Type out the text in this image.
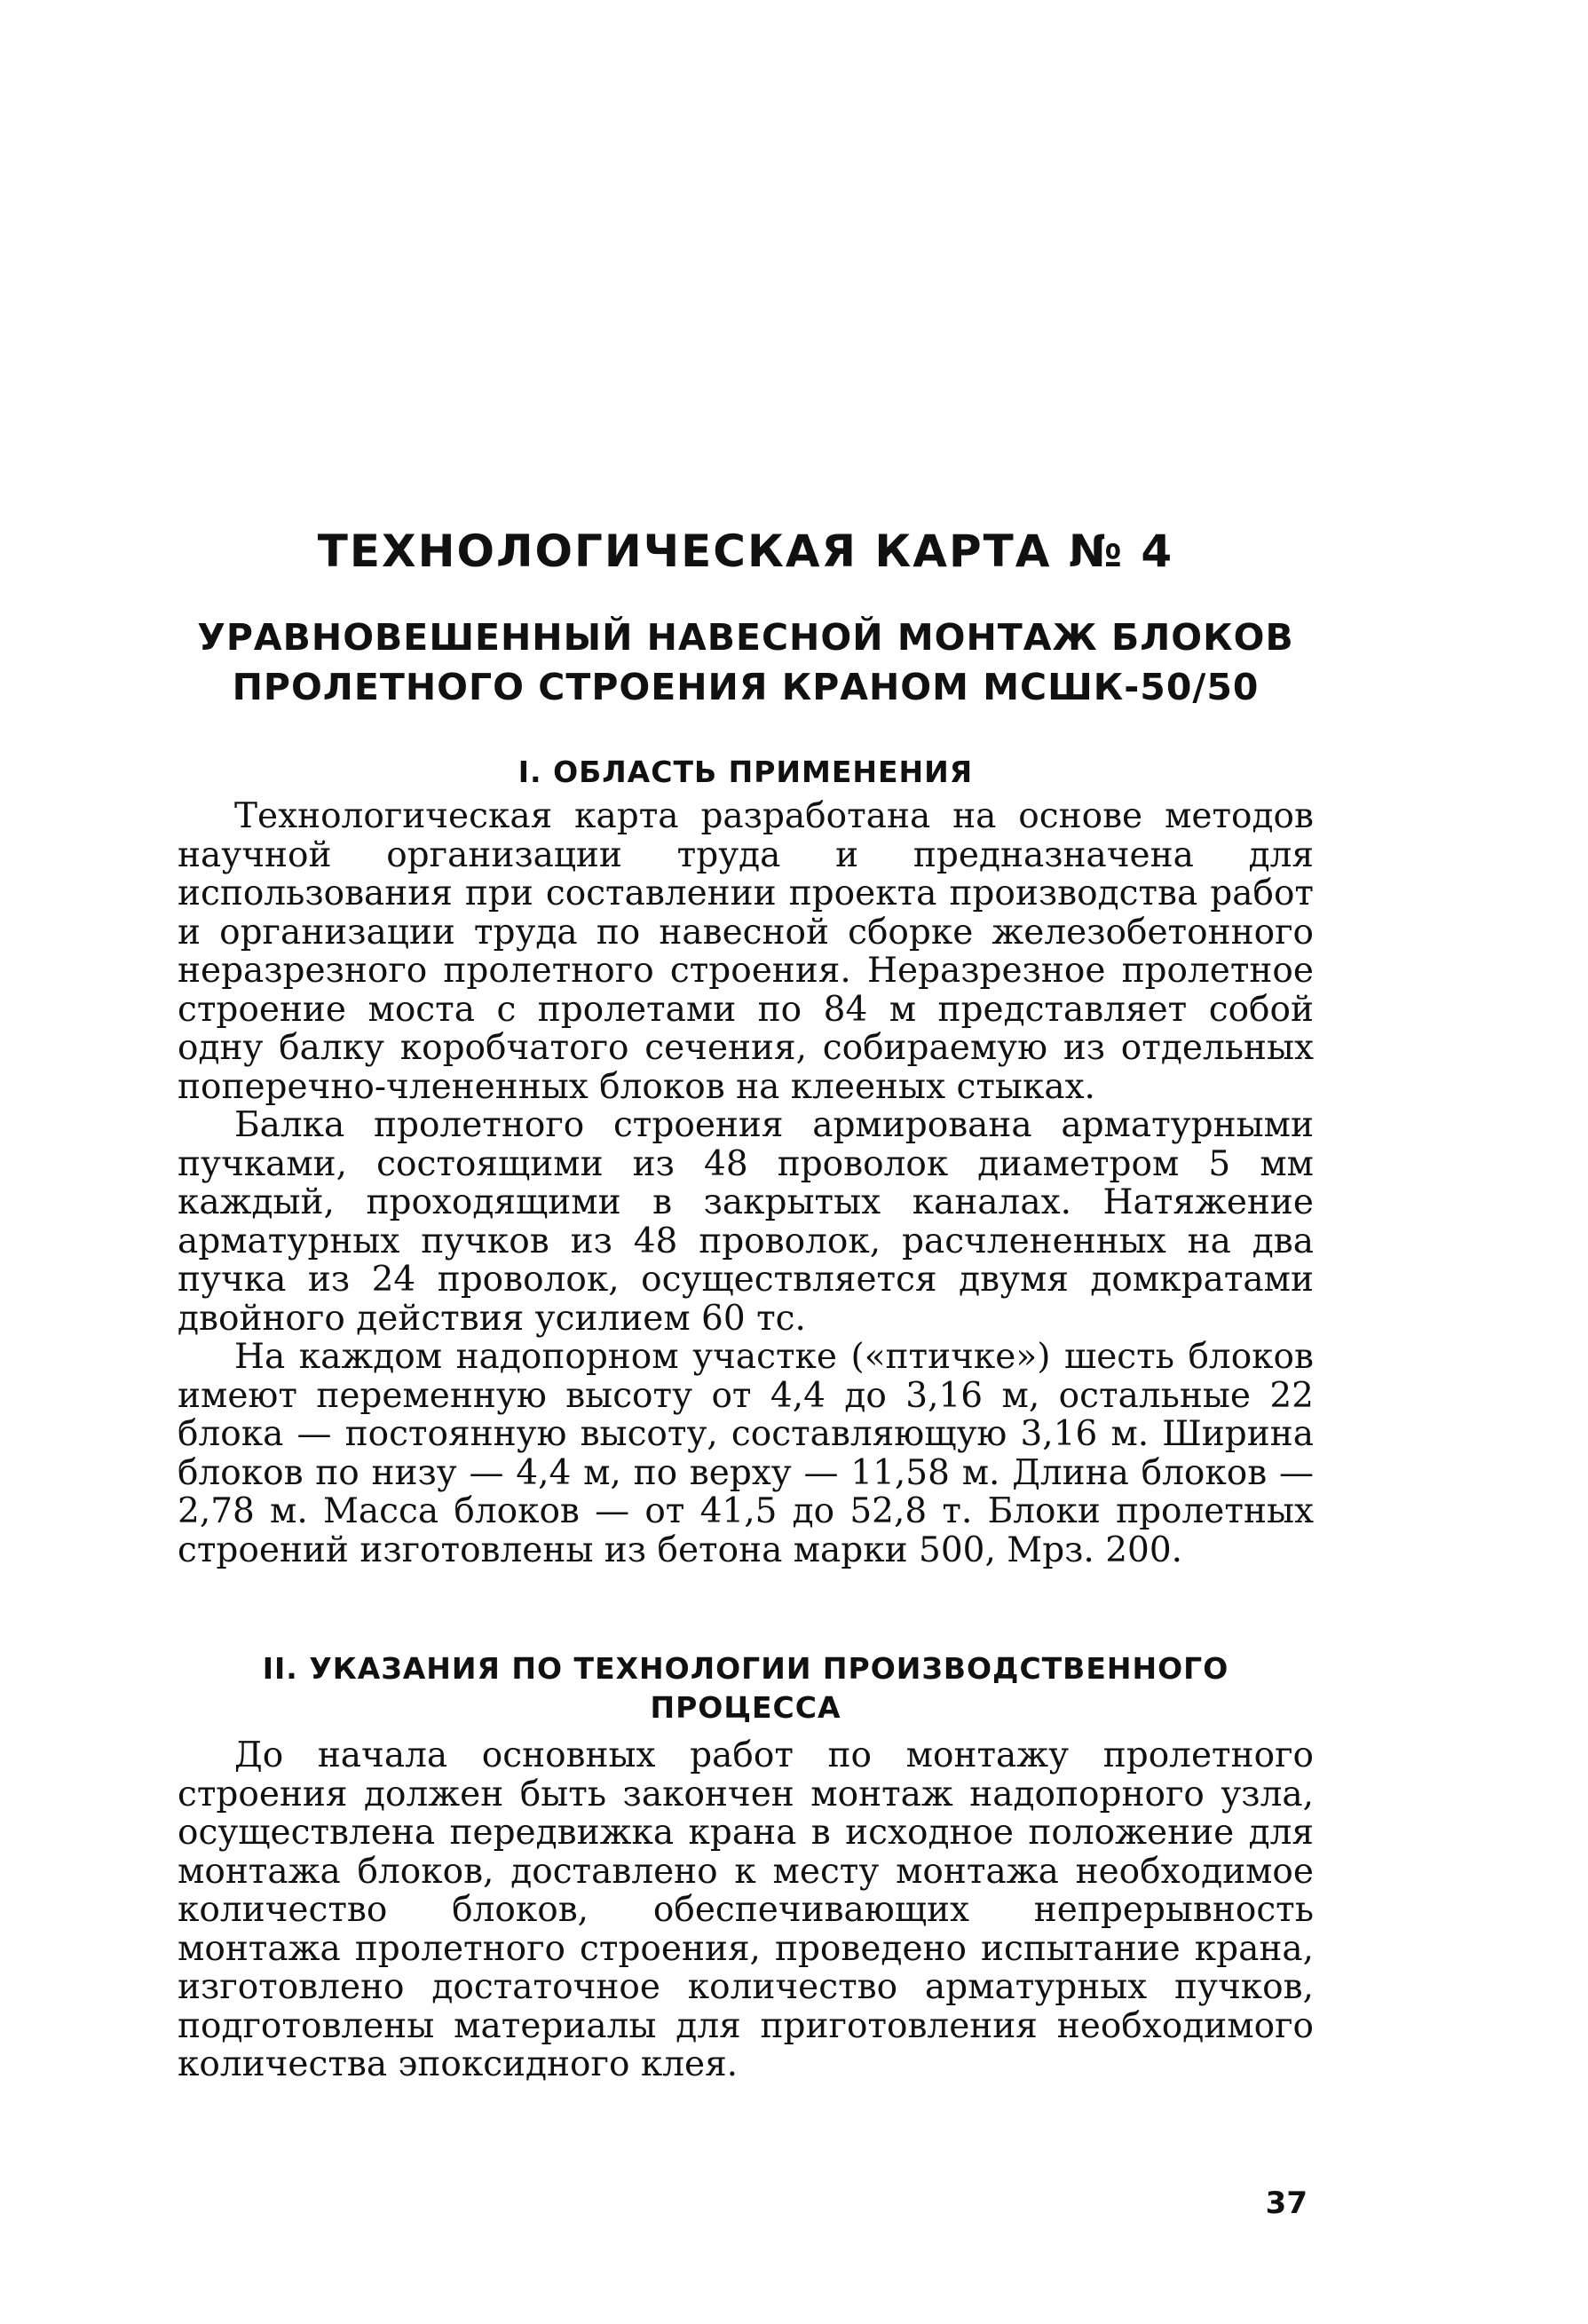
ТЕХНОЛОГИЧЕСКАЯ КАРТА № 4
УРАВНОВЕШЕННЫЙ НАВЕСНОЙ МОНТАЖ БЛОКОВ
ПРОЛЕТНОГО СТРОЕНИЯ КРАНОМ МСШК-50/50
I. ОБЛАСТЬ ПРИМЕНЕНИЯ

Технологическая карта разработана на основе методов научной организации труда и предназначена для использования при составлении проекта производства работ и организации труда по навесной сборке железобетонного неразрезного пролетного строения. Неразрезное пролетное строение моста с пролетами по 84 м представляет собой одну балку коробчатого сечения, собираемую из отдельных поперечно-члененных блоков на клееных стыках.

Балка пролетного строения армирована арматурными пучками, состоящими из 48 проволок диаметром 5 мм каждый, проходящими в закрытых каналах. Натяжение арматурных пучков из 48 проволок, расчлененных на два пучка из 24 проволок, осуществляется двумя домкратами двойного действия усилием 60 тс.

На каждом надопорном участке («птичке») шесть блоков имеют переменную высоту от 4,4 до 3,16 м, остальные 22 блока — постоянную высоту, составляющую 3,16 м. Ширина блоков по низу — 4,4 м, по верху — 11,58 м. Длина блоков — 2,78 м. Масса блоков — от 41,5 до 52,8 т. Блоки пролетных строений изготовлены из бетона марки 500, Мрз. 200.

II. УКАЗАНИЯ ПО ТЕХНОЛОГИИ ПРОИЗВОДСТВЕННОГО
ПРОЦЕССА

До начала основных работ по монтажу пролетного строения должен быть закончен монтаж надопорного узла, осуществлена передвижка крана в исходное положение для монтажа блоков, доставлено к месту монтажа необходимое количество блоков, обеспечивающих непрерывность монтажа пролетного строения, проведено испытание крана, изготовлено достаточное количество арматурных пучков, подготовлены материалы для приготовления необходимого количества эпоксидного клея.

37
